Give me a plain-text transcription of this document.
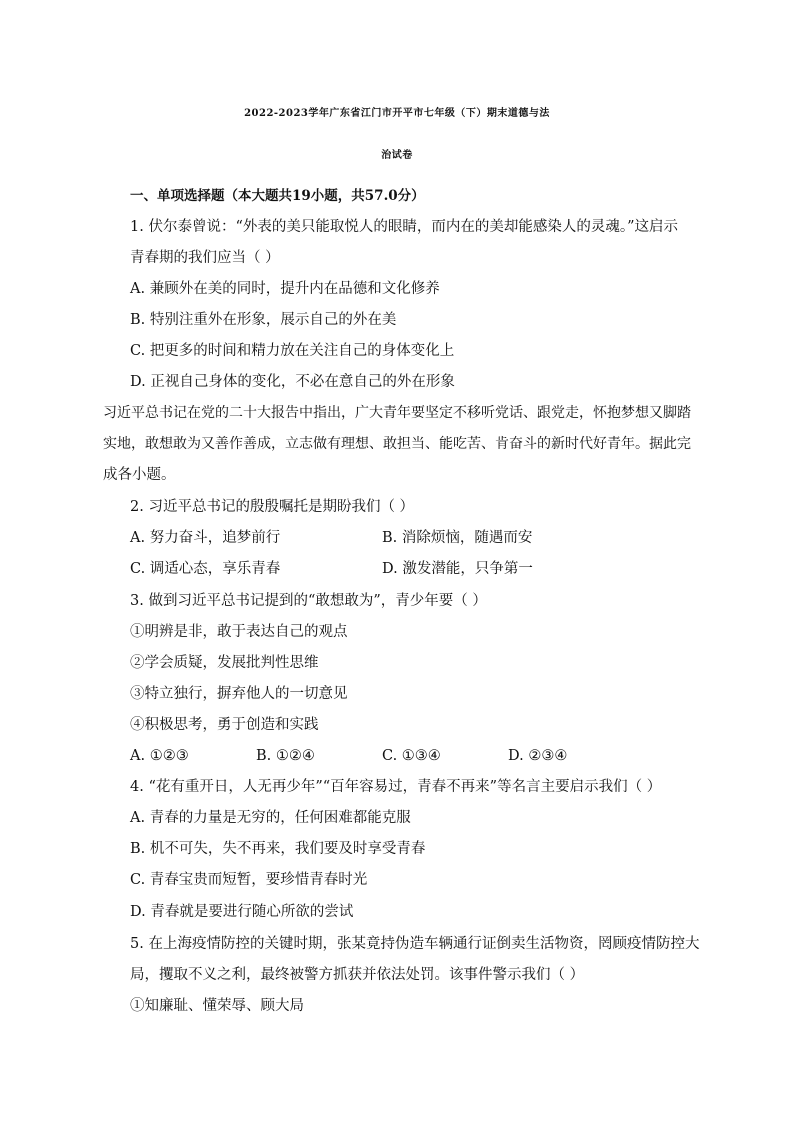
2022-2023学年广东省江门市开平市七年级（下）期末道德与法
治试卷
一、单项选择题（本大题共19小题，共57.0分）
1. 伏尔泰曾说：“外表的美只能取悦人的眼睛，而内在的美却能感染人的灵魂。”这启示
青春期的我们应当（ ）
A. 兼顾外在美的同时，提升内在品德和文化修养
B. 特别注重外在形象，展示自己的外在美
C. 把更多的时间和精力放在关注自己的身体变化上
D. 正视自己身体的变化，不必在意自己的外在形象
习近平总书记在党的二十大报告中指出，广大青年要坚定不移听党话、跟党走，怀抱梦想又脚踏
实地，敢想敢为又善作善成，立志做有理想、敢担当、能吃苦、肯奋斗的新时代好青年。据此完
成各小题。
2. 习近平总书记的殷殷嘱托是期盼我们（ ）
A. 努力奋斗，追梦前行	B. 消除烦恼，随遇而安
C. 调适心态，享乐青春	D. 激发潜能，只争第一
3. 做到习近平总书记提到的“敢想敢为”，青少年要（ ）
①明辨是非，敢于表达自己的观点
②学会质疑，发展批判性思维
③特立独行，摒弃他人的一切意见
④积极思考，勇于创造和实践
A. ①②③	B. ①②④	C. ①③④	D. ②③④
4. “花有重开日，人无再少年”“百年容易过，青春不再来”等名言主要启示我们（ ）
A. 青春的力量是无穷的，任何困难都能克服
B. 机不可失，失不再来，我们要及时享受青春
C. 青春宝贵而短暂，要珍惜青春时光
D. 青春就是要进行随心所欲的尝试
5. 在上海疫情防控的关键时期，张某竟持伪造车辆通行证倒卖生活物资，罔顾疫情防控大
局，攫取不义之利，最终被警方抓获并依法处罚。该事件警示我们（ ）
①知廉耻、懂荣辱、顾大局
